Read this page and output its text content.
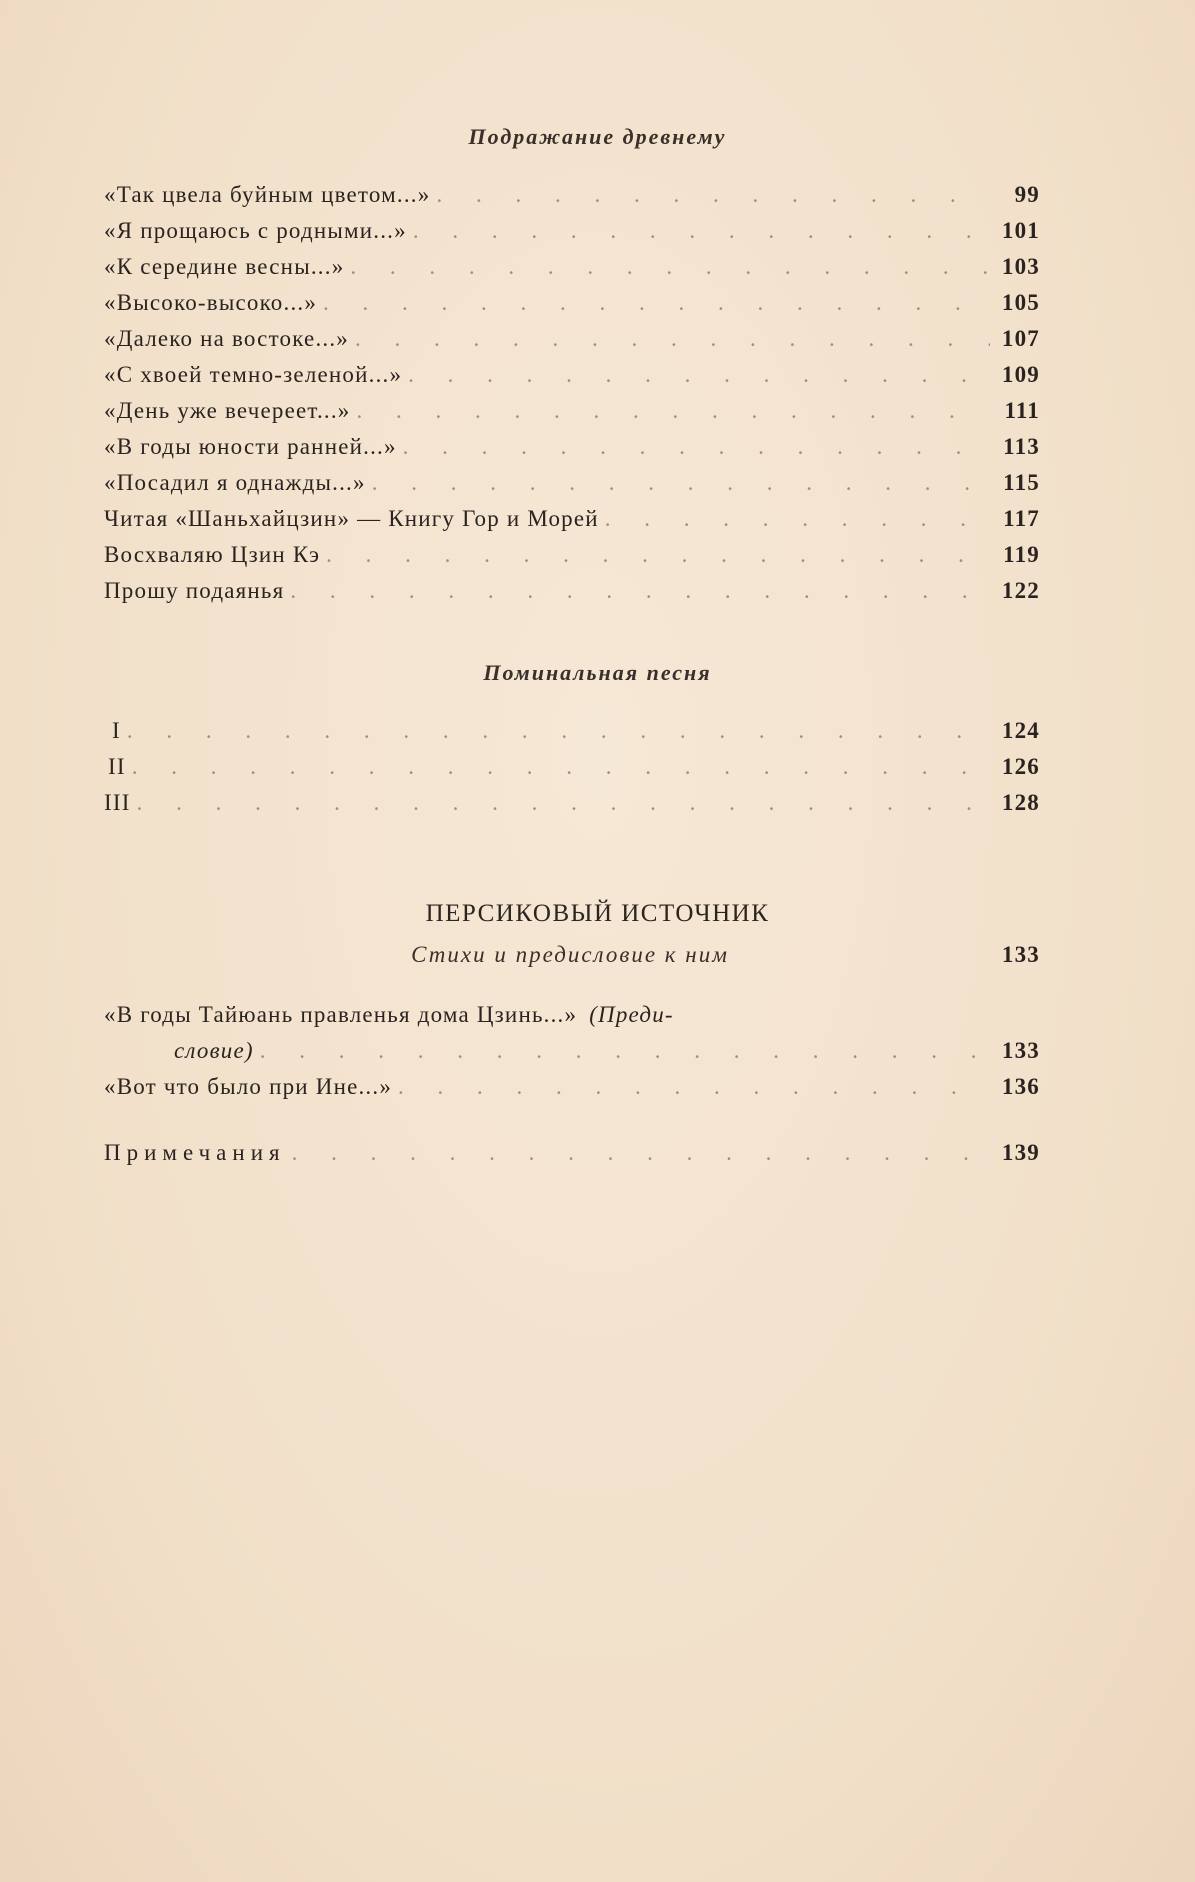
Подражание древнему
«Так цвела буйным цветом...» . . .	99
«Я прощаюсь с родными...» . . .	101
«К середине весны...» . . .	103
«Высоко-высоко...» . . .	105
«Далеко на востоке...» . . .	107
«С хвоей темно-зеленой...» . . .	109
«День уже вечереет...» . . .	111
«В годы юности ранней...» . . .	113
«Посадил я однажды...» . . .	115
Читая «Шаньхайцзин» — Книгу Гор и Морей . . .	117
Восхваляю Цзин Кэ . . .	119
Прошу подаянья . . .	122
Поминальная песня
I . . .	124
II . . .	126
III . . .	128
ПЕРСИКОВЫЙ ИСТОЧНИК
Стихи и предисловие к ним	133
«В годы Тайюань правленья дома Цзинь...» (Преди-
словие) . . .	133
«Вот что было при Ине...» . . .	136
Примечания . . .	139
